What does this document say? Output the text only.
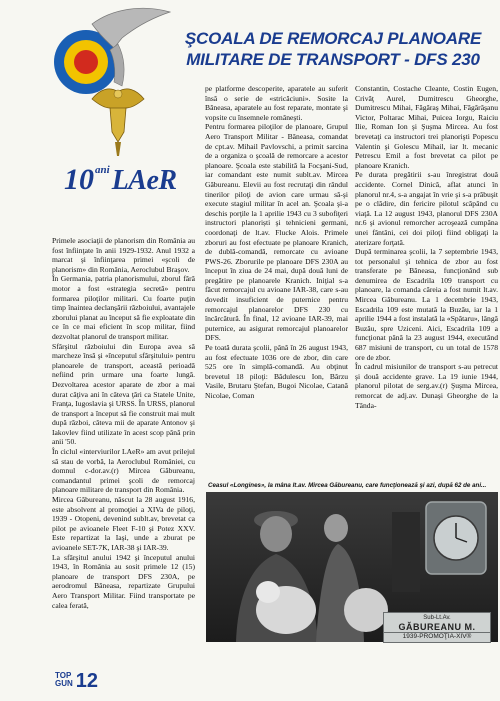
$10^{ani}LAeR$
ŞCOALA DE REMORCAJ PLANOARE
MILITARE DE TRANSPORT - DFS 230

Primele asociaţii de planorism din România au fost înfiinţate în anii 1929-1932. Anul 1932 a marcat şi înfiinţarea primei «şcoli de planorism» din România, Aeroclubul Braşov.

În Germania, patria planorismului, zborul fără motor a fost «strategia secretă» pentru formarea piloţilor militari. Cu foarte puţin timp înaintea declanşării războiului, avantajele zborului planat au început să fie exploatate din ce în ce mai eficient în scop militar, fiind dezvoltat planorul de transport militar.

Sfârşitul războiului din Europa avea să marcheze însă şi «începutul sfârşitului» pentru planoarele de transport, această perioadă nefiind prin urmare una foarte lungă. Dezvoltarea acestor aparate de zbor a mai durat câţiva ani în câteva ţări ca Statele Unite, Franţa, Iugoslavia şi URSS. În URSS, planorul de transport a început să fie construit mai mult după război, câteva mii de aparate Antonov şi Iakovlev fiind utilizate în acest scop până prin anii '50.

În ciclul «interviurilor LAeR» am avut prilejul să stau de vorbă, la Aeroclubul României, cu domnul c-dor.av.(r) Mircea Găbureanu, comandantul primei şcoli de remorcaj planoare militare de transport din România.

Mircea Găbureanu, născut la 28 august 1916, este absolvent al promoţiei a XIVa de piloţi, 1939 - Otopeni, devenind sublt.av, brevetat ca pilot pe avioanele Fleet F-10 şi Potez XXV. Este repartizat la Iaşi, unde a zburat pe avioanele SET-7K, IAR-38 şi IAR-39.

La sfârşitul anului 1942 şi începutul anului 1943, în România au sosit primele 12 (15) planoare de transport DFS 230A, pe aerodromul Băneasa, repartizate Grupului Aero Transport Militar. Fiind transportate pe calea ferată,

pe platforme descoperite, aparatele au suferit însă o serie de «stricăciuni». Sosite la Băneasa, aparatele au fost reparate, montate şi vopsite cu însemnele româneşti.

Pentru formarea piloţilor de planoare, Grupul Aero Transport Militar - Băneasa, comandat de cpt.av. Mihail Pavlovschi, a primit sarcina de a organiza o şcoală de remorcare a acestor planoare. Şcoala este stabilită la Focşani-Sud, iar comandant este numit sublt.av. Mircea Găbureanu. Elevii au fost recrutaţi din rândul tinerilor piloţi de avion care urmau să-şi execute stagiul militar în acel an. Şcoala şi-a deschis porţile la 1 aprilie 1943 cu 3 subofiţeri instructori planoriști şi tehnicieni germani, coordonaţi de lt.av. Flucke Alois. Primele zboruri au fost efectuate pe planoare Kranich, de dublă-comandă, remorcate cu avioane PWS-26. Zborurile pe planoare DFS 230A au început în ziua de 24 mai, după două luni de pregătire pe planoarele Kranich. Iniţial s-a făcut remorcajul cu avioane IAR-38, care s-au dovedit insuficient de puternice pentru remorcajul planoarelor DFS 230 cu încărcătură. În final, 12 avioane IAR-39, mai puternice, au asigurat remorcajul planoarelor DFS.

Pe toată durata şcolii, până în 26 august 1943, au fost efectuate 1036 ore de zbor, din care 525 ore în simplă-comandă. Au obţinut brevetul 18 piloţi: Bădulescu Ion, Bârzu Vasile, Brutaru Ştefan, Bugoi Nicolae, Catană Nicolae, Coman

Constantin, Costache Cleante, Costin Eugen, Crivăţ Aurel, Dumitrescu Gheorghe, Dumitrescu Mihai, Făgăraş Mihai, Făgărăşanu Victor, Poltarac Mihai, Puicea Iorgu, Raiciu Ilie, Roman Ion şi Şuşma Mircea. Au fost brevetaţi ca instructori trei planorişti Popescu Valentin şi Golescu Mihail, iar lt. mecanic Petrescu Emil a fost brevetat ca pilot pe planoare Kranich.

Pe durata pregătirii s-au înregistrat două accidente. Cornel Dinică, aflat atunci în planorul nr.4, s-a angajat în vrie şi s-a prăbuşit pe o clădire, din fericire pilotul scăpând cu viaţă. La 12 august 1943, planorul DFS 230A nr.6 şi avionul remorcher acroşează cumpăna unei fântâni, cei doi piloţi fiind obligaţi la aterizare forţată.

După terminarea şcolii, la 7 septembrie 1943, tot personalul şi tehnica de zbor au fost transferate pe Băneasa, funcţionând sub denumirea de Escadrila 109 transport cu planoare, la comanda căreia a fost numit lt.av. Mircea Găbureanu. La 1 decembrie 1943, Escadrila 109 este mutată la Buzău, iar la 1 aprilie 1944 a fost instalată la «Spătaru», lângă Buzău, spre Uziceni. Aici, Escadrila 109 a funcţionat până la 23 august 1944, executând 687 misiuni de transport, cu un total de 1578 ore de zbor.

În cadrul misiunilor de transport s-au petrecut şi două accidente grave. La 19 iunie 1944, planorul pilotat de serg.av.(r) Şuşma Mircea, remorcat de adj.av. Dunaşi Gheorghe de la Tânda-

Ceasul «Longines», la mâna lt.av. Mircea Găbureanu, care funcţionează şi azi, după 62 de ani...
Sub-Lt.Av.
GĂBUREANU M.
1939-PROMOŢIA-XIV®
TOP
GUN 12
